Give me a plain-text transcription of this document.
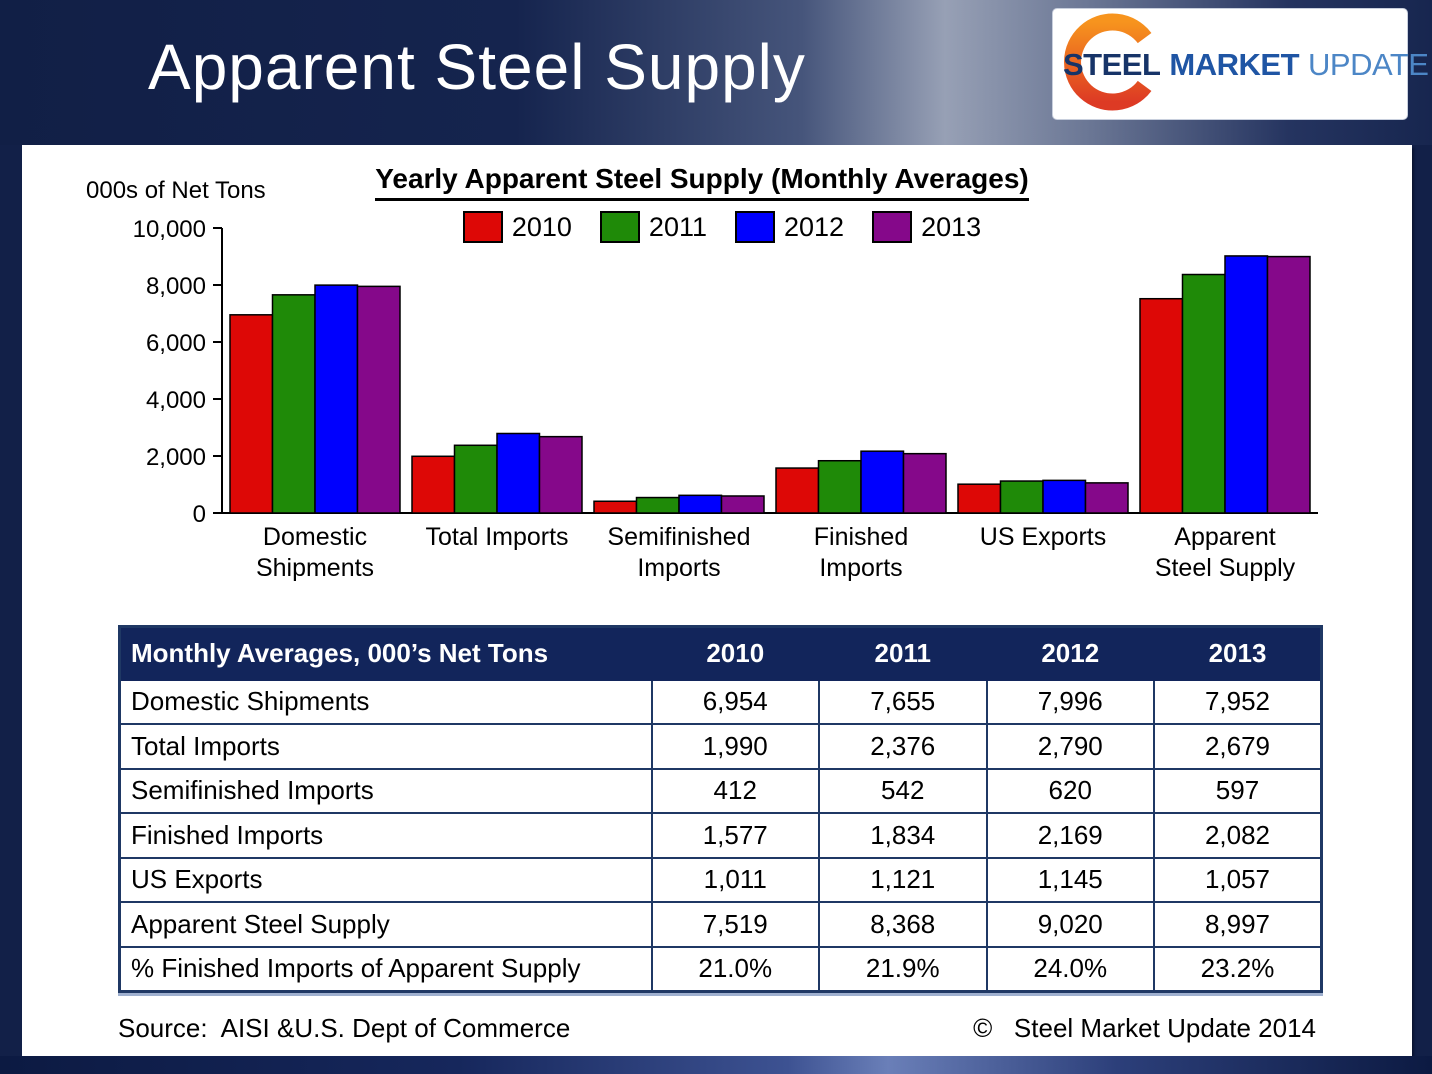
Apparent Steel Supply	STEEL MARKET UPDATE
000s of Net Tons	Yearly Apparent Steel Supply (Monthly Averages)
2010	2011	2012	2013
0
2,000
4,000
6,000
8,000
10,000
Domestic
Shipments
Total Imports Semifinished
Imports
Finished
Imports
US Exports	Apparent
Steel Supply
Monthly Averages, 000’s Net Tons	2010	2011	2012	2013
Domestic Shipments	6,954	7,655	7,996	7,952
Total Imports	1,990	2,376	2,790	2,679
Semifinished Imports	412	542	620	597
Finished Imports	1,577	1,834	2,169	2,082
US Exports	1,011	1,121	1,145	1,057
Apparent Steel Supply	7,519	8,368	9,020	8,997
% Finished Imports of Apparent Supply	21.0%	21.9%	24.0%	23.2%
Source:  AISI &U.S. Dept of Commerce	©   Steel Market Update 2014
